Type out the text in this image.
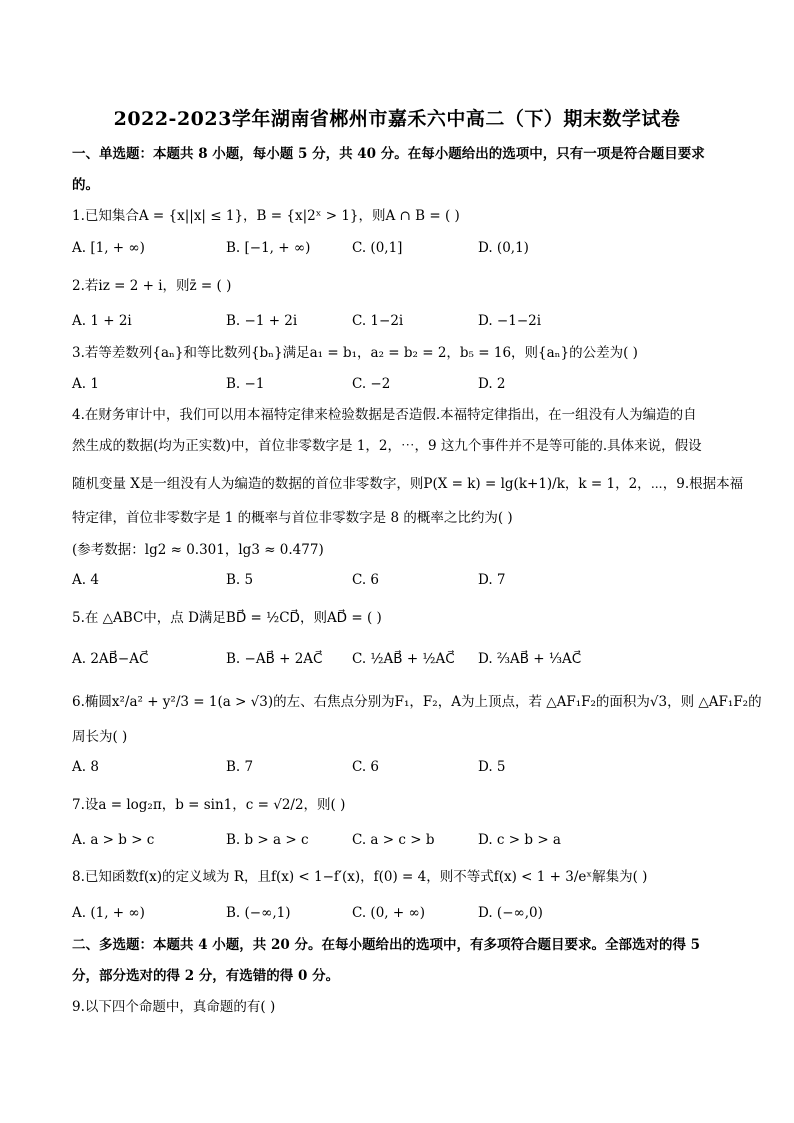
2022-2023学年湖南省郴州市嘉禾六中高二（下）期末数学试卷
一、单选题：本题共 8 小题，每小题 5 分，共 40 分。在每小题给出的选项中，只有一项是符合题目要求
的。
1.已知集合A = {x||x| ≤ 1}，B = {x|2ˣ > 1}，则A ∩ B = ( )
A. [1, + ∞)	B. [−1, + ∞)	C. (0,1]	D. (0,1)
2.若iz = 2 + i，则z̄ = ( )
A. 1 + 2i	B. −1 + 2i	C. 1−2i	D. −1−2i
3.若等差数列{aₙ}和等比数列{bₙ}满足a₁ = b₁，a₂ = b₂ = 2，b₅ = 16，则{aₙ}的公差为( )
A. 1	B. −1	C. −2	D. 2
4.在财务审计中，我们可以用本福特定律来检验数据是否造假.本福特定律指出，在一组没有人为编造的自
然生成的数据(均为正实数)中，首位非零数字是 1，2，⋯，9 这九个事件并不是等可能的.具体来说，假设
随机变量 X是一组没有人为编造的数据的首位非零数字，则P(X = k) = lg(k+1)/k，k = 1，2，⋯，9.根据本福
特定律，首位非零数字是 1 的概率与首位非零数字是 8 的概率之比约为( )
(参考数据：lg2 ≈ 0.301，lg3 ≈ 0.477)
A. 4	B. 5	C. 6	D. 7
5.在 △ABC中，点 D满足BD⃗ = ½CD⃗，则AD⃗ = ( )
A. 2AB⃗−AC⃗	B. −AB⃗ + 2AC⃗ C. ½AB⃗ + ½AC⃗ D. ⅔AB⃗ + ⅓AC⃗
6.椭圆x²/a² + y²/3 = 1(a > √3)的左、右焦点分别为F₁，F₂，A为上顶点，若 △AF₁F₂的面积为√3，则 △AF₁F₂的
周长为( )
A. 8	B. 7	C. 6	D. 5
7.设a = log₂π，b = sin1，c = √2/2，则( )
A. a > b > c	B. b > a > c	C. a > c > b	D. c > b > a
8.已知函数f(x)的定义域为 R，且f(x) < 1−f′(x)，f(0) = 4，则不等式f(x) < 1 + 3/eˣ解集为( )
A. (1, + ∞)	B. (−∞,1)	C. (0, + ∞)	D. (−∞,0)
二、多选题：本题共 4 小题，共 20 分。在每小题给出的选项中，有多项符合题目要求。全部选对的得 5
分，部分选对的得 2 分，有选错的得 0 分。
9.以下四个命题中，真命题的有( )
